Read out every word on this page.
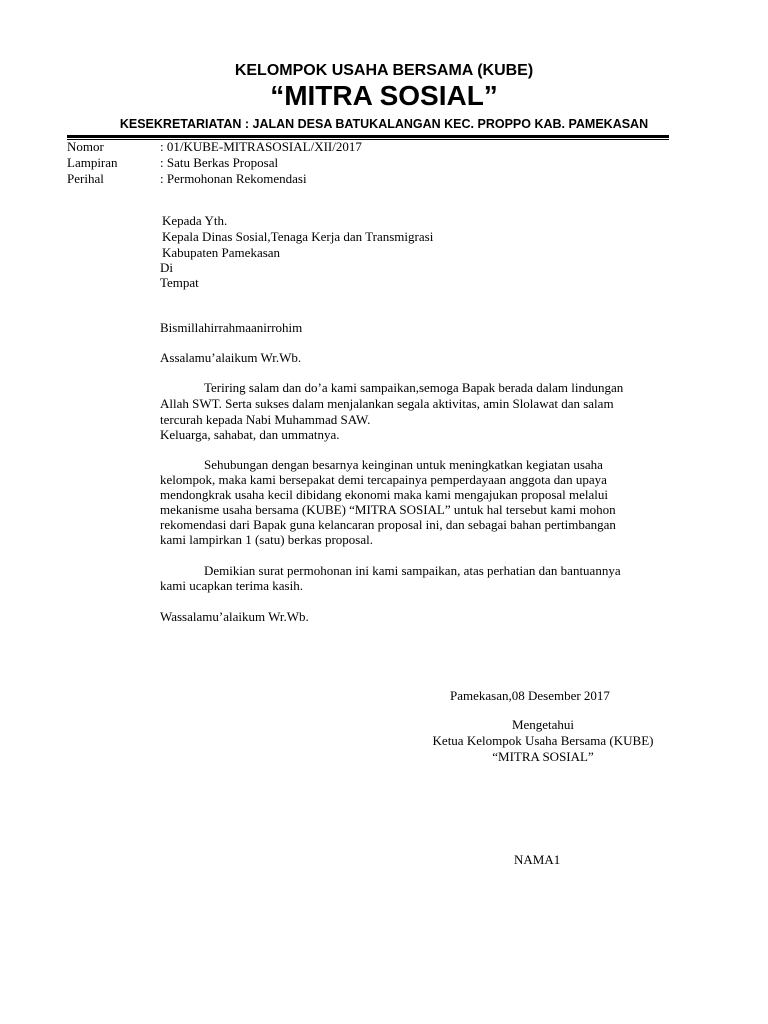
KELOMPOK USAHA BERSAMA (KUBE)
“MITRA SOSIAL”
KESEKRETARIATAN : JALAN DESA BATUKALANGAN KEC. PROPPO KAB. PAMEKASAN
Nomor	: 01/KUBE-MITRASOSIAL/XII/2017
Lampiran	: Satu Berkas Proposal
Perihal	: Permohonan Rekomendasi
Kepada Yth.
Kepala Dinas Sosial,Tenaga Kerja dan Transmigrasi
Kabupaten Pamekasan
Di
Tempat
Bismillahirrahmaanirrohim
Assalamu’alaikum Wr.Wb.
Teriring salam dan do’a kami sampaikan,semoga Bapak berada dalam lindungan
Allah SWT. Serta sukses dalam menjalankan segala aktivitas, amin Slolawat dan salam
tercurah kepada Nabi Muhammad SAW.
Keluarga, sahabat, dan ummatnya.
Sehubungan dengan besarnya keinginan untuk meningkatkan kegiatan usaha kelompok, maka kami bersepakat demi tercapainya pemperdayaan anggota dan upaya mendongkrak usaha kecil dibidang ekonomi maka kami mengajukan proposal melalui mekanisme usaha bersama (KUBE) “MITRA SOSIAL” untuk hal tersebut kami mohon rekomendasi dari Bapak guna kelancaran proposal ini, dan sebagai bahan pertimbangan kami lampirkan 1 (satu) berkas proposal.
Demikian surat permohonan ini kami sampaikan, atas perhatian dan bantuannya kami ucapkan terima kasih.
Wassalamu’alaikum Wr.Wb.
Pamekasan,08 Desember 2017
Mengetahui
Ketua Kelompok Usaha Bersama (KUBE)
“MITRA SOSIAL”
NAMA1
